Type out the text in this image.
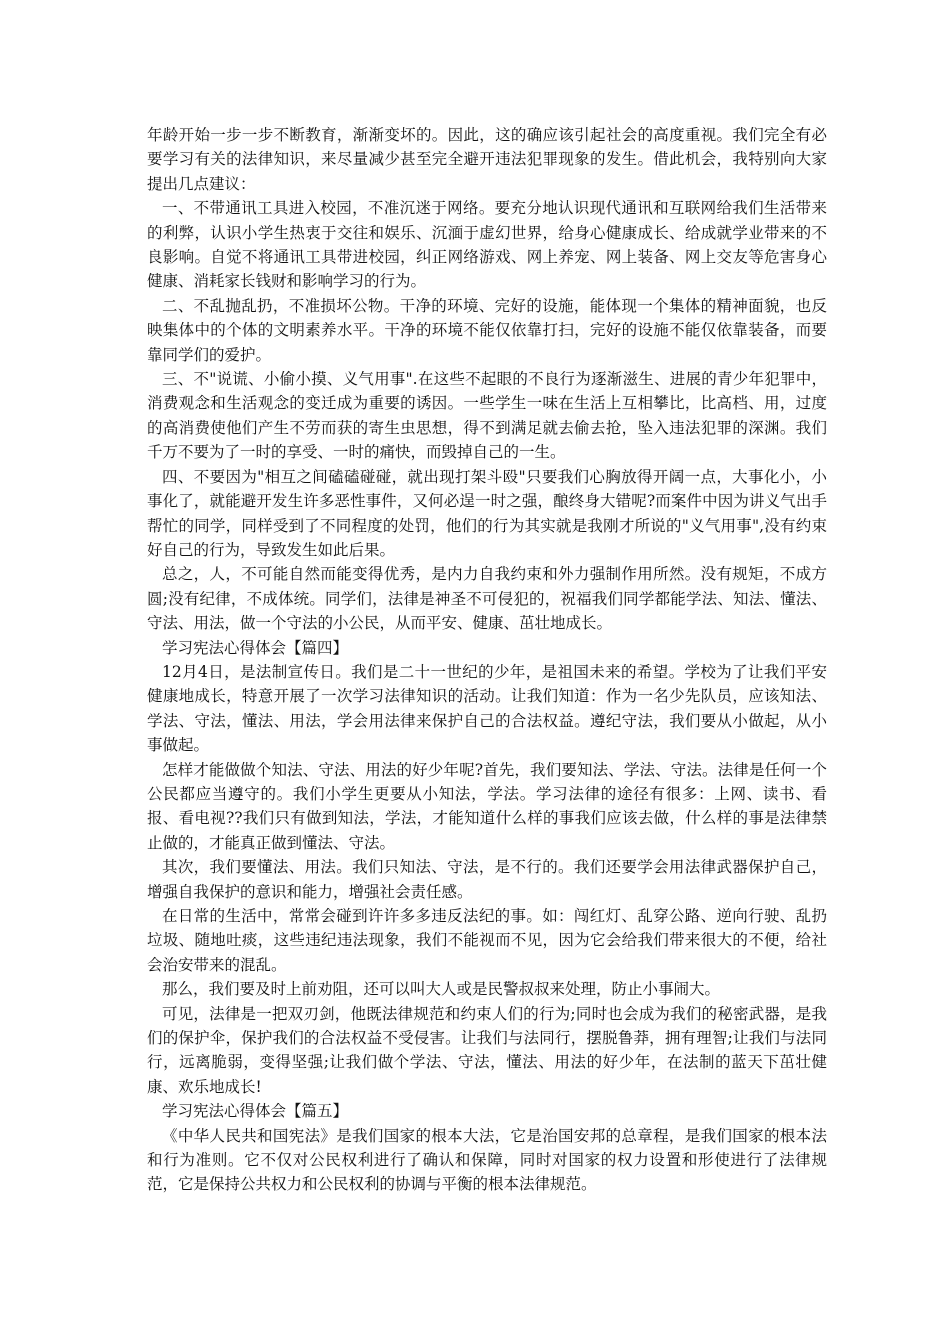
年龄开始一步一步不断教育，渐渐变坏的。因此，这的确应该引起社会的高度重视。我们完全有必要学习有关的法律知识，来尽量减少甚至完全避开违法犯罪现象的发生。借此机会，我特别向大家提出几点建议：

一、不带通讯工具进入校园，不准沉迷于网络。要充分地认识现代通讯和互联网给我们生活带来的利弊，认识小学生热衷于交往和娱乐、沉湎于虚幻世界，给身心健康成长、给成就学业带来的不良影响。自觉不将通讯工具带进校园，纠正网络游戏、网上养宠、网上装备、网上交友等危害身心健康、消耗家长钱财和影响学习的行为。

二、不乱抛乱扔，不准损坏公物。干净的环境、完好的设施，能体现一个集体的精神面貌，也反映集体中的个体的文明素养水平。干净的环境不能仅依靠打扫，完好的设施不能仅依靠装备，而要靠同学们的爱护。

三、不"说谎、小偷小摸、义气用事".在这些不起眼的不良行为逐渐滋生、进展的青少年犯罪中，消费观念和生活观念的变迁成为重要的诱因。一些学生一味在生活上互相攀比，比高档、用，过度的高消费使他们产生不劳而获的寄生虫思想，得不到满足就去偷去抢，坠入违法犯罪的深渊。我们千万不要为了一时的享受、一时的痛快，而毁掉自己的一生。

四、不要因为"相互之间磕磕碰碰，就出现打架斗殴"只要我们心胸放得开阔一点，大事化小，小事化了，就能避开发生许多恶性事件，又何必逞一时之强，酿终身大错呢?而案件中因为讲义气出手帮忙的同学，同样受到了不同程度的处罚，他们的行为其实就是我刚才所说的"义气用事",没有约束好自己的行为，导致发生如此后果。

总之，人，不可能自然而能变得优秀，是内力自我约束和外力强制作用所然。没有规矩，不成方圆;没有纪律，不成体统。同学们，法律是神圣不可侵犯的，祝福我们同学都能学法、知法、懂法、守法、用法，做一个守法的小公民，从而平安、健康、茁壮地成长。

学习宪法心得体会【篇四】

12月4日，是法制宣传日。我们是二十一世纪的少年，是祖国未来的希望。学校为了让我们平安健康地成长，特意开展了一次学习法律知识的活动。让我们知道：作为一名少先队员，应该知法、学法、守法，懂法、用法，学会用法律来保护自己的合法权益。遵纪守法，我们要从小做起，从小事做起。

怎样才能做做个知法、守法、用法的好少年呢?首先，我们要知法、学法、守法。法律是任何一个公民都应当遵守的。我们小学生更要从小知法，学法。学习法律的途径有很多：上网、读书、看报、看电视??我们只有做到知法，学法，才能知道什么样的事我们应该去做，什么样的事是法律禁止做的，才能真正做到懂法、守法。

其次，我们要懂法、用法。我们只知法、守法，是不行的。我们还要学会用法律武器保护自己，增强自我保护的意识和能力，增强社会责任感。

在日常的生活中，常常会碰到许许多多违反法纪的事。如：闯红灯、乱穿公路、逆向行驶、乱扔垃圾、随地吐痰，这些违纪违法现象，我们不能视而不见，因为它会给我们带来很大的不便，给社会治安带来的混乱。

那么，我们要及时上前劝阻，还可以叫大人或是民警叔叔来处理，防止小事闹大。

可见，法律是一把双刃剑，他既法律规范和约束人们的行为;同时也会成为我们的秘密武器，是我们的保护伞，保护我们的合法权益不受侵害。让我们与法同行，摆脱鲁莽，拥有理智;让我们与法同行，远离脆弱，变得坚强;让我们做个学法、守法，懂法、用法的好少年，在法制的蓝天下茁壮健康、欢乐地成长!

学习宪法心得体会【篇五】

《中华人民共和国宪法》是我们国家的根本大法，它是治国安邦的总章程，是我们国家的根本法和行为准则。它不仅对公民权利进行了确认和保障，同时对国家的权力设置和形使进行了法律规范，它是保持公共权力和公民权利的协调与平衡的根本法律规范。
